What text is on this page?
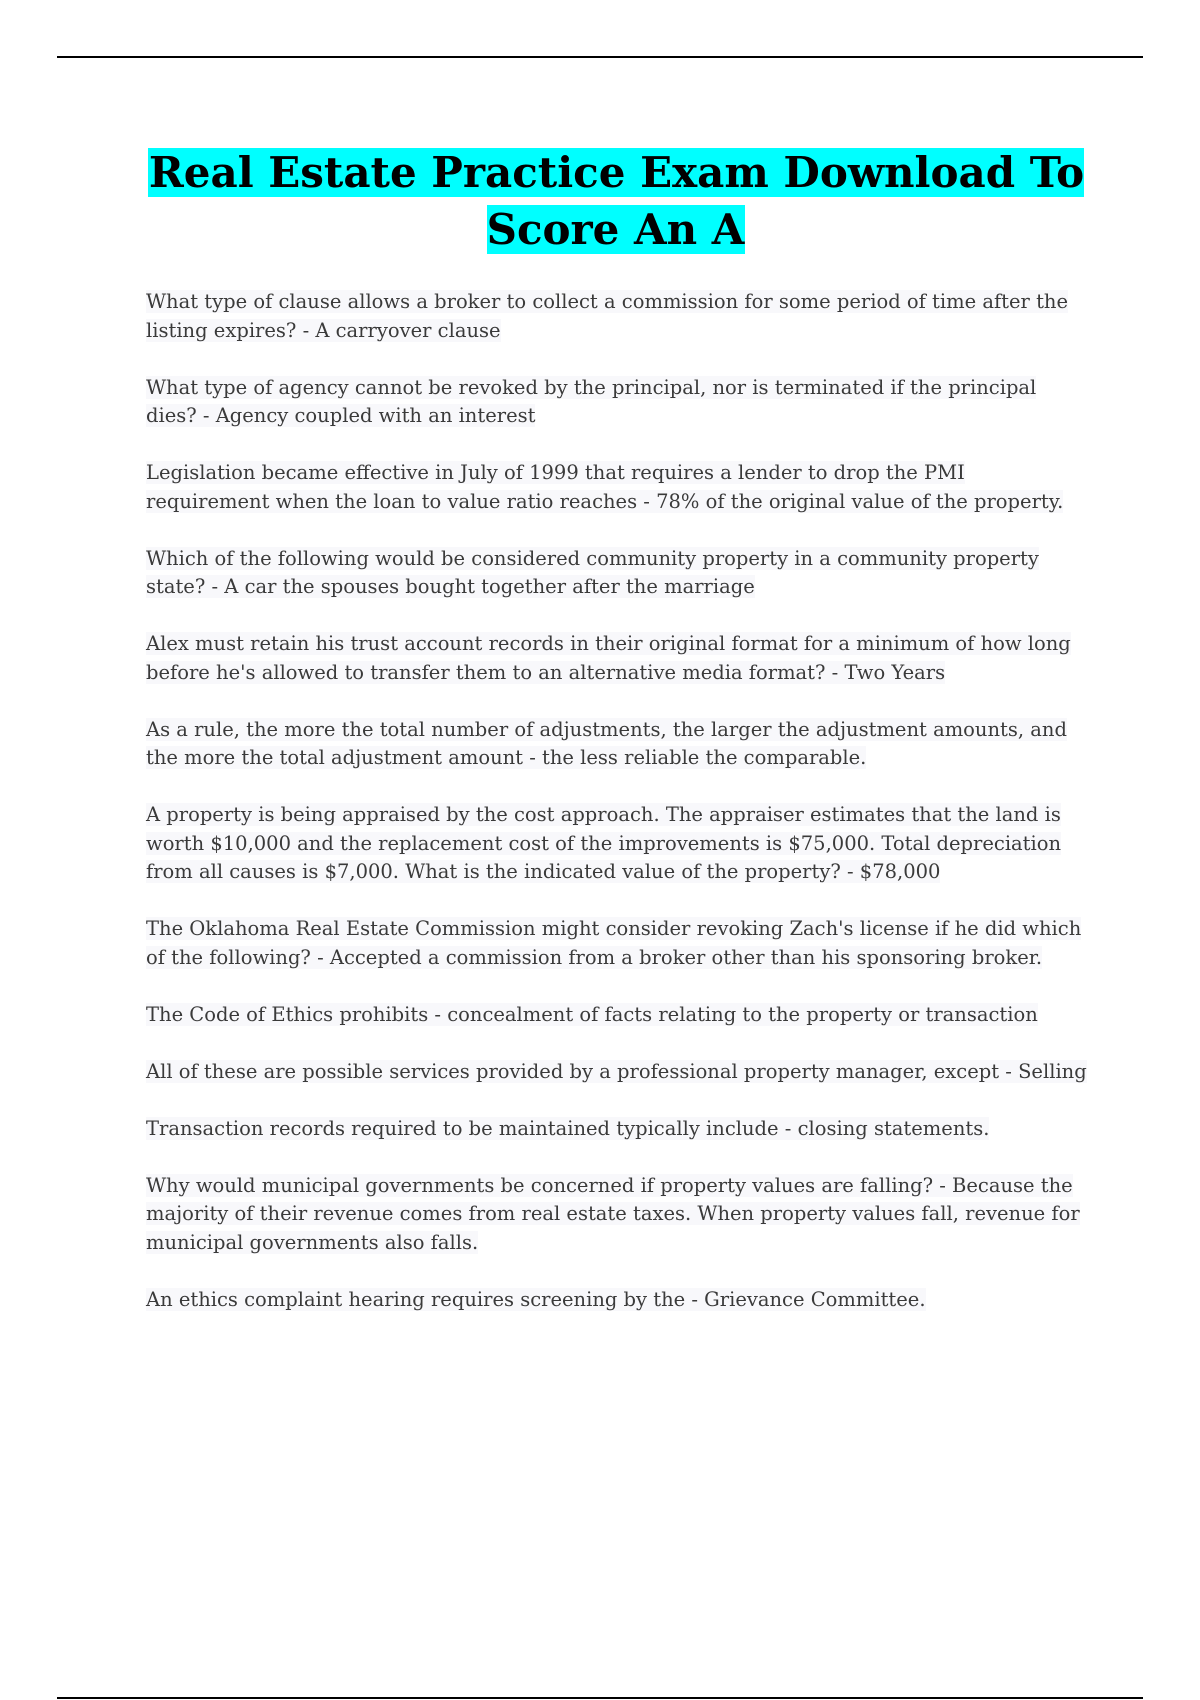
Real Estate Practice Exam Download To Score An A
What type of clause allows a broker to collect a commission for some period of time after the listing expires? - A carryover clause
What type of agency cannot be revoked by the principal, nor is terminated if the principal dies? - Agency coupled with an interest
Legislation became effective in July of 1999 that requires a lender to drop the PMI requirement when the loan to value ratio reaches - 78% of the original value of the property.
Which of the following would be considered community property in a community property state? - A car the spouses bought together after the marriage
Alex must retain his trust account records in their original format for a minimum of how long before he's allowed to transfer them to an alternative media format? - Two Years
As a rule, the more the total number of adjustments, the larger the adjustment amounts, and the more the total adjustment amount - the less reliable the comparable.
A property is being appraised by the cost approach. The appraiser estimates that the land is worth $10,000 and the replacement cost of the improvements is $75,000. Total depreciation from all causes is $7,000. What is the indicated value of the property? - $78,000
The Oklahoma Real Estate Commission might consider revoking Zach's license if he did which of the following? - Accepted a commission from a broker other than his sponsoring broker.
The Code of Ethics prohibits - concealment of facts relating to the property or transaction
All of these are possible services provided by a professional property manager, except - Selling
Transaction records required to be maintained typically include - closing statements.
Why would municipal governments be concerned if property values are falling? - Because the majority of their revenue comes from real estate taxes. When property values fall, revenue for municipal governments also falls.
An ethics complaint hearing requires screening by the - Grievance Committee.
